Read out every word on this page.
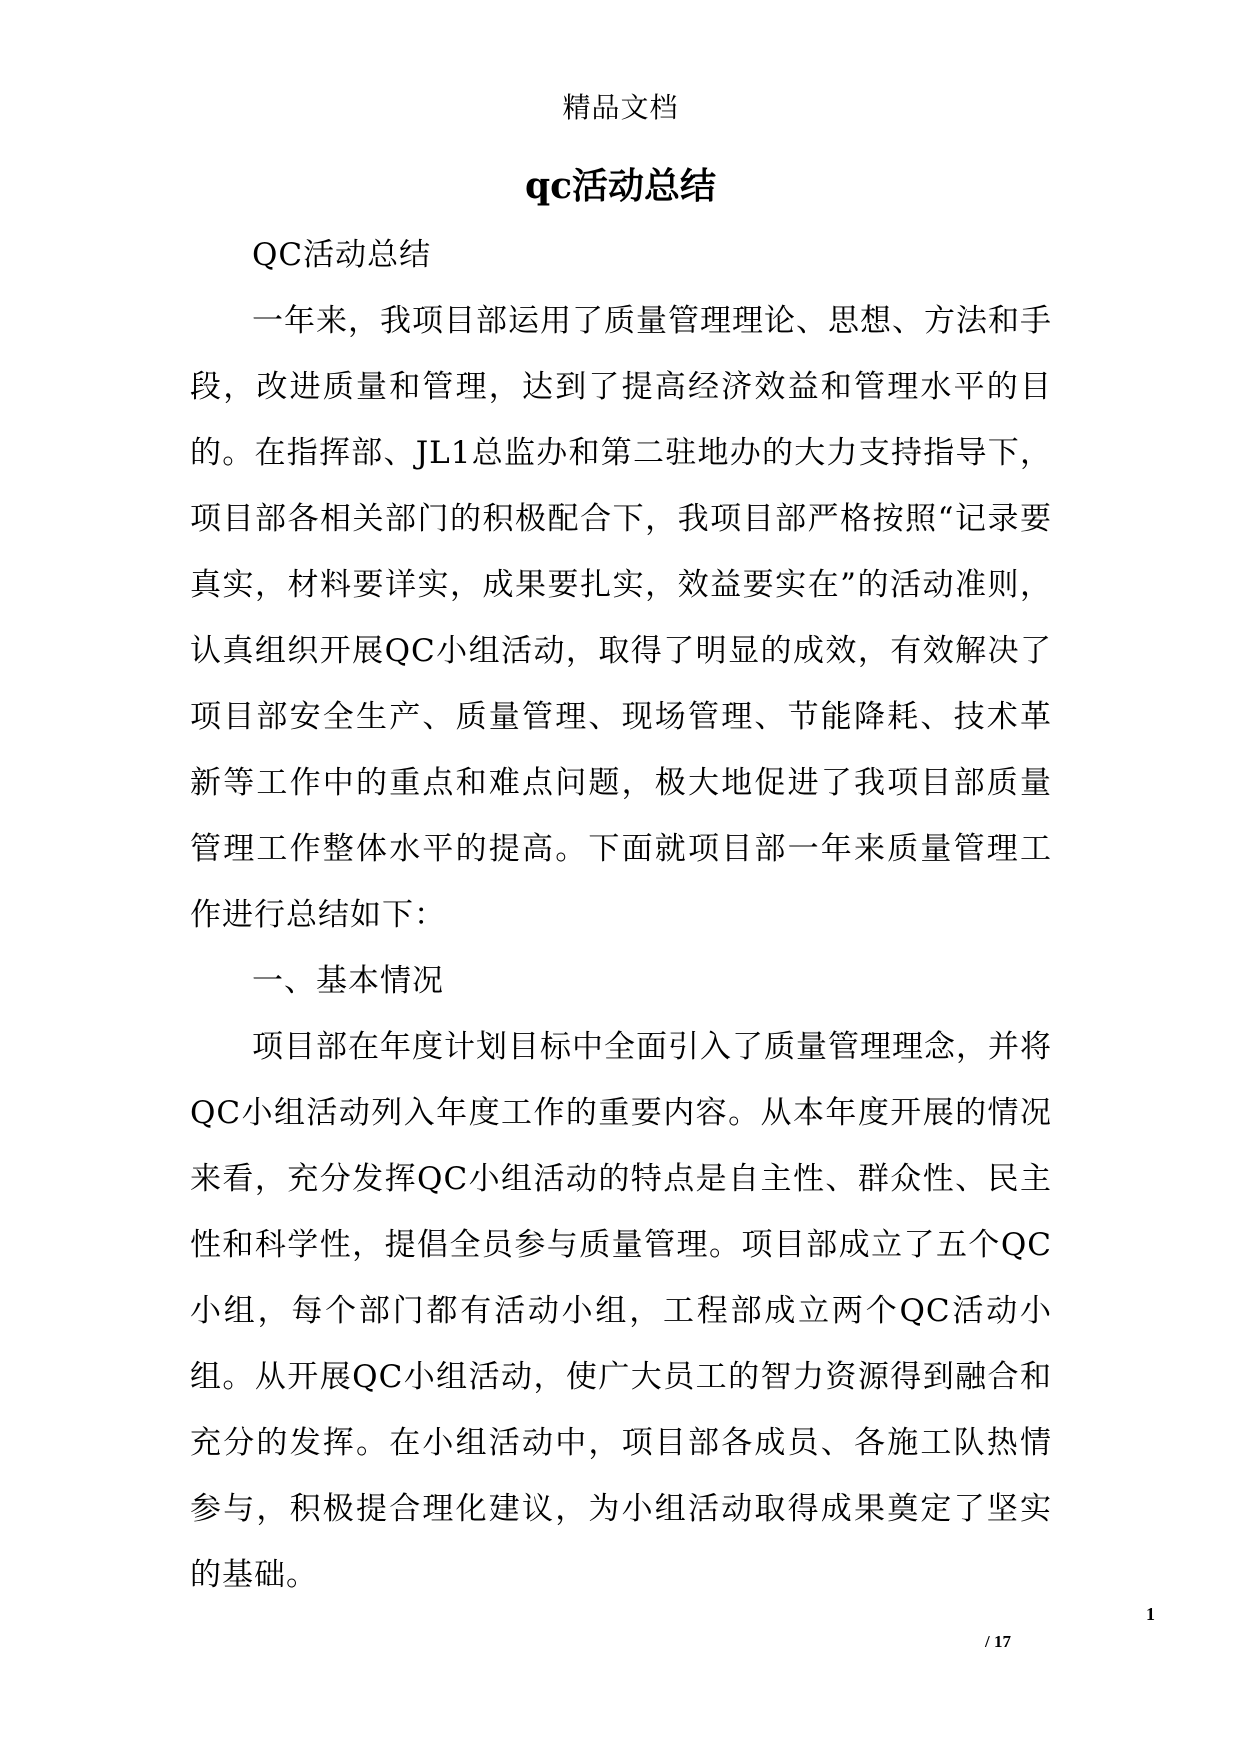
精品文档
qc活动总结

QC活动总结

一年来，我项目部运用了质量管理理论、思想、方法和手段，改进质量和管理，达到了提高经济效益和管理水平的目的。在指挥部、JL1总监办和第二驻地办的大力支持指导下，项目部各相关部门的积极配合下，我项目部严格按照“记录要真实，材料要详实，成果要扎实，效益要实在”的活动准则，认真组织开展QC小组活动，取得了明显的成效，有效解决了项目部安全生产、质量管理、现场管理、节能降耗、技术革新等工作中的重点和难点问题，极大地促进了我项目部质量管理工作整体水平的提高。下面就项目部一年来质量管理工作进行总结如下：

一、基本情况

项目部在年度计划目标中全面引入了质量管理理念，并将QC小组活动列入年度工作的重要内容。从本年度开展的情况来看，充分发挥QC小组活动的特点是自主性、群众性、民主性和科学性，提倡全员参与质量管理。项目部成立了五个QC小组，每个部门都有活动小组，工程部成立两个QC活动小组。从开展QC小组活动，使广大员工的智力资源得到融合和充分的发挥。在小组活动中，项目部各成员、各施工队热情参与，积极提合理化建议，为小组活动取得成果奠定了坚实的基础。

1
/ 17
